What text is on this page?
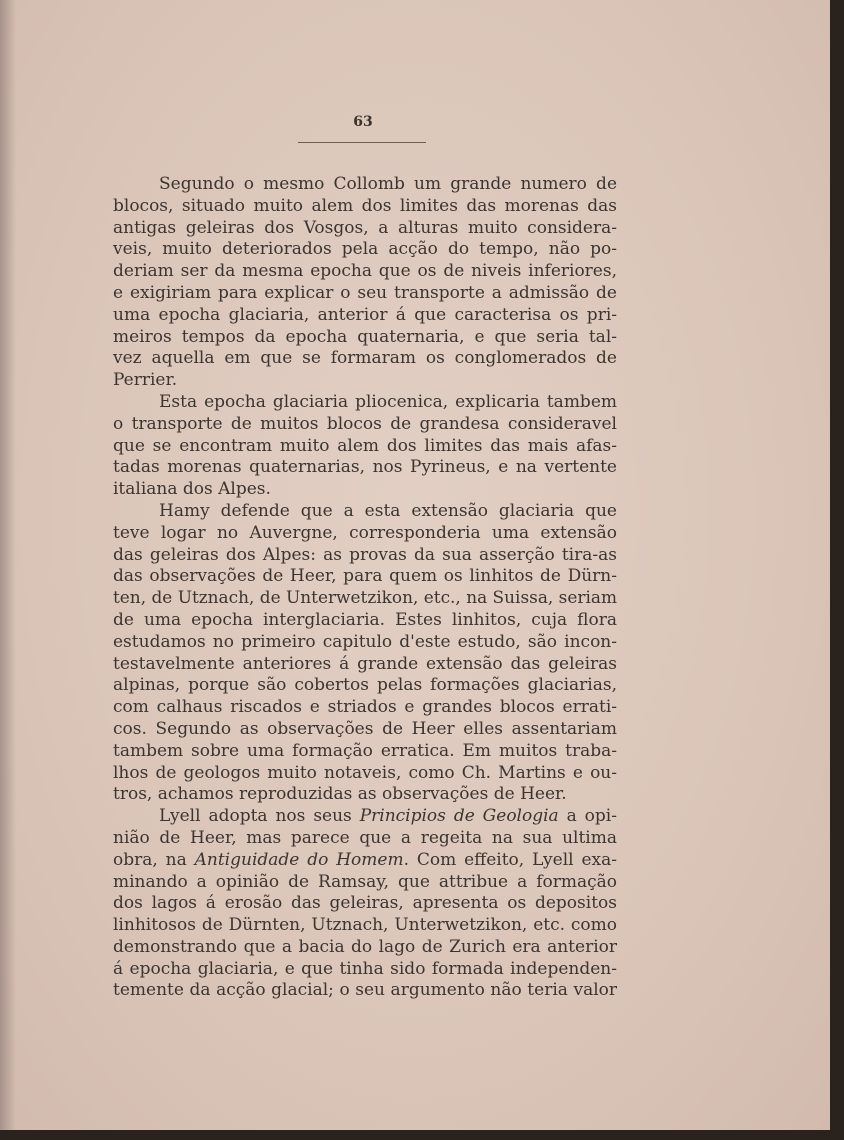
63
Segundo o mesmo Collomb um grande numero de
blocos, situado muito alem dos limites das morenas das
antigas geleiras dos Vosgos, a alturas muito considera-
veis, muito deteriorados pela acção do tempo, não po-
deriam ser da mesma epocha que os de niveis inferiores,
e exigiriam para explicar o seu transporte a admissão de
uma epocha glaciaria, anterior á que caracterisa os pri-
meiros tempos da epocha quaternaria, e que seria tal-
vez aquella em que se formaram os conglomerados de
Perrier.
Esta epocha glaciaria pliocenica, explicaria tambem
o transporte de muitos blocos de grandesa consideravel
que se encontram muito alem dos limites das mais afas-
tadas morenas quaternarias, nos Pyrineus, e na vertente
italiana dos Alpes.
Hamy defende que a esta extensão glaciaria que
teve logar no Auvergne, corresponderia uma extensão
das geleiras dos Alpes: as provas da sua asserção tira-as
das observações de Heer, para quem os linhitos de Dürn-
ten, de Utznach, de Unterwetzikon, etc., na Suissa, seriam
de uma epocha interglaciaria. Estes linhitos, cuja flora
estudamos no primeiro capitulo d'este estudo, são incon-
testavelmente anteriores á grande extensão das geleiras
alpinas, porque são cobertos pelas formações glaciarias,
com calhaus riscados e striados e grandes blocos errati-
cos. Segundo as observações de Heer elles assentariam
tambem sobre uma formação erratica. Em muitos traba-
lhos de geologos muito notaveis, como Ch. Martins e ou-
tros, achamos reproduzidas as observações de Heer.
Lyell adopta nos seus Principios de Geologia a opi-
nião de Heer, mas parece que a regeita na sua ultima
obra, na Antiguidade do Homem. Com effeito, Lyell exa-
minando a opinião de Ramsay, que attribue a formação
dos lagos á erosão das geleiras, apresenta os depositos
linhitosos de Dürnten, Utznach, Unterwetzikon, etc. como
demonstrando que a bacia do lago de Zurich era anterior
á epocha glaciaria, e que tinha sido formada independen-
temente da acção glacial; o seu argumento não teria valor
